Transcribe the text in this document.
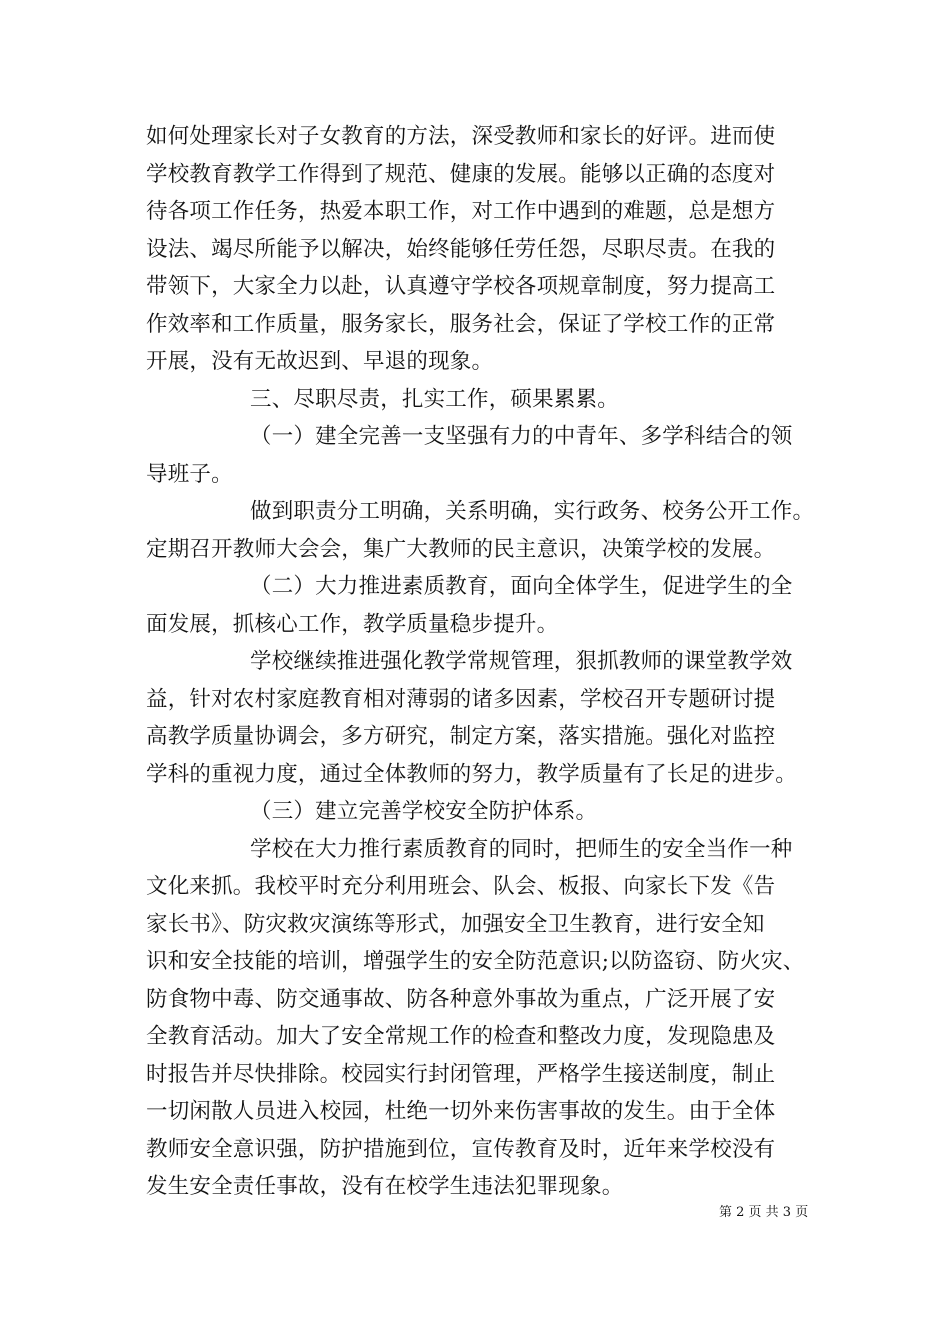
如何处理家长对子女教育的方法，深受教师和家长的好评。进而使
学校教育教学工作得到了规范、健康的发展。能够以正确的态度对
待各项工作任务，热爱本职工作，对工作中遇到的难题，总是想方
设法、竭尽所能予以解决，始终能够任劳任怨，尽职尽责。在我的
带领下，大家全力以赴，认真遵守学校各项规章制度，努力提高工
作效率和工作质量，服务家长，服务社会，保证了学校工作的正常
开展，没有无故迟到、早退的现象。
三、尽职尽责，扎实工作，硕果累累。
（一）建全完善一支坚强有力的中青年、多学科结合的领
导班子。
做到职责分工明确，关系明确，实行政务、校务公开工作。
定期召开教师大会会，集广大教师的民主意识，决策学校的发展。
（二）大力推进素质教育，面向全体学生，促进学生的全
面发展，抓核心工作，教学质量稳步提升。
学校继续推进强化教学常规管理，狠抓教师的课堂教学效
益，针对农村家庭教育相对薄弱的诸多因素，学校召开专题研讨提
高教学质量协调会，多方研究，制定方案，落实措施。强化对监控
学科的重视力度，通过全体教师的努力，教学质量有了长足的进步。
（三）建立完善学校安全防护体系。
学校在大力推行素质教育的同时，把师生的安全当作一种
文化来抓。我校平时充分利用班会、队会、板报、向家长下发《告
家长书》、防灾救灾演练等形式，加强安全卫生教育，进行安全知
识和安全技能的培训，增强学生的安全防范意识;以防盗窃、防火灾、
防食物中毒、防交通事故、防各种意外事故为重点，广泛开展了安
全教育活动。加大了安全常规工作的检查和整改力度，发现隐患及
时报告并尽快排除。校园实行封闭管理，严格学生接送制度，制止
一切闲散人员进入校园，杜绝一切外来伤害事故的发生。由于全体
教师安全意识强，防护措施到位，宣传教育及时，近年来学校没有
发生安全责任事故，没有在校学生违法犯罪现象。
第 2 页 共 3 页
